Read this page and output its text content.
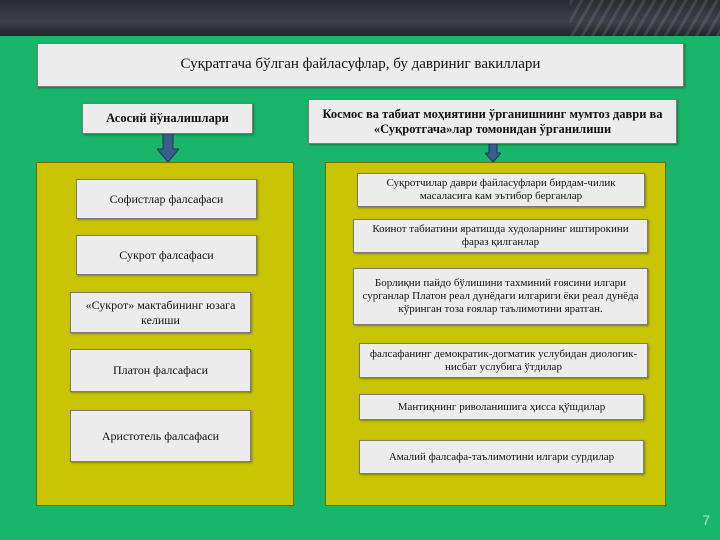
Суқратгача бўлган файласуфлар, бу давриниг вакиллари
Асосий йўналишлари	Космос ва табиат моҳиятини ўрганишнинг мумтоз даври ва «Суқротгача»лар томонидан ўрганилиши
Софистлар фалсафаси
Сукрот фалсафаси
«Сукрот» мактабининг юзага келиши
Платон фалсафаси
Аристотель фалсафаси
Суқротчилар даври файласуфлари бирдам-чилик масаласига кам эътибор берганлар
Коинот табиатини яратишда худоларнинг иштирокини фараз қилганлар
Борлиқни пайдо бўлишини тахминий ғоясини илгари сурганлар Платон реал дунёдаги илгариги ёки реал дунёда кўринган тоза ғоялар таълимотини яратган.
фалсафанинг демократик-догматик услубидан диологик-нисбат услубига ўтдилар
Мантиқнинг риволанишига ҳисса қўшдилар
Амалий фалсафа-таълимотини илгари сурдилар
7
